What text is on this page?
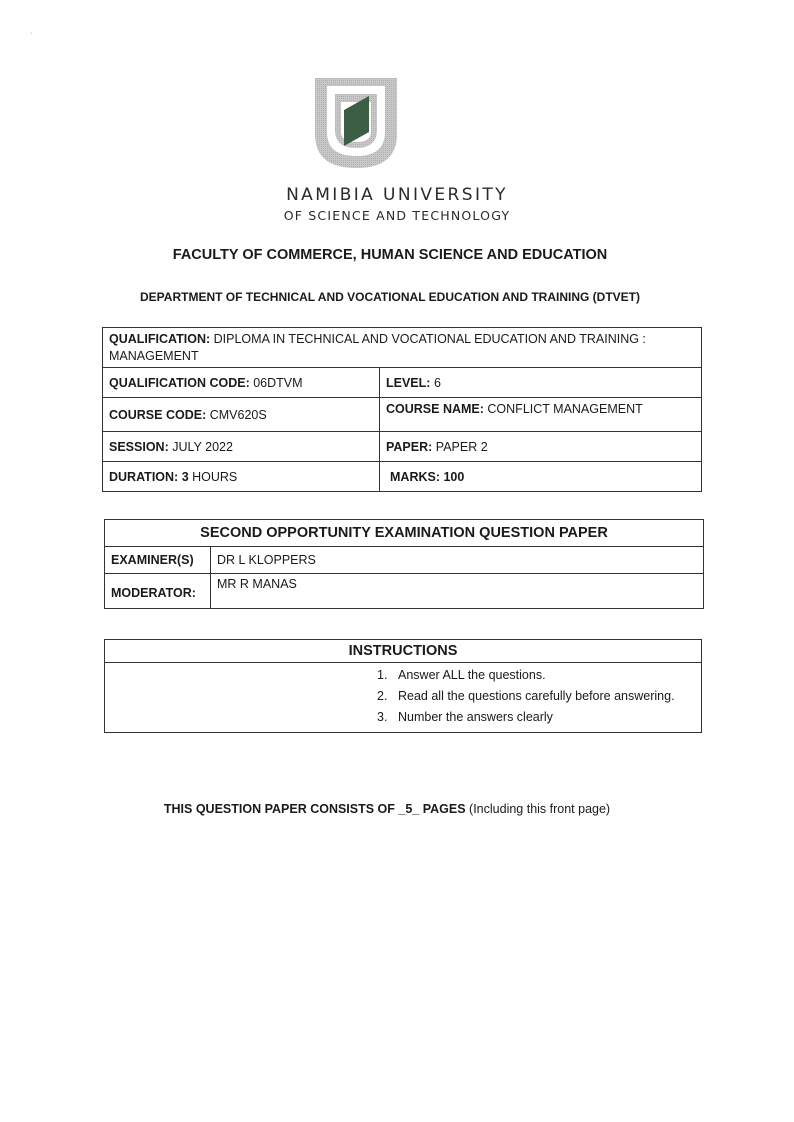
·
NAMIBIA UNIVERSITY
OF SCIENCE AND TECHNOLOGY
FACULTY OF COMMERCE, HUMAN SCIENCE AND EDUCATION
DEPARTMENT OF TECHNICAL AND VOCATIONAL EDUCATION AND TRAINING (DTVET)
QUALIFICATION: DIPLOMA IN TECHNICAL AND VOCATIONAL EDUCATION AND TRAINING : MANAGEMENT	
QUALIFICATION CODE: 06DTVM	LEVEL: 6
COURSE CODE: CMV620S	COURSE NAME: CONFLICT MANAGEMENT
SESSION: JULY 2022	PAPER: PAPER 2
DURATION: 3 HOURS	MARKS: 100
SECOND OPPORTUNITY EXAMINATION QUESTION PAPER	
EXAMINER(S)	DR L KLOPPERS
MODERATOR:	MR R MANAS
INSTRUCTIONS

1. Answer ALL the questions.
2. Read all the questions carefully before answering.
3. Number the answers clearly
THIS QUESTION PAPER CONSISTS OF _5_ PAGES (Including this front page)
